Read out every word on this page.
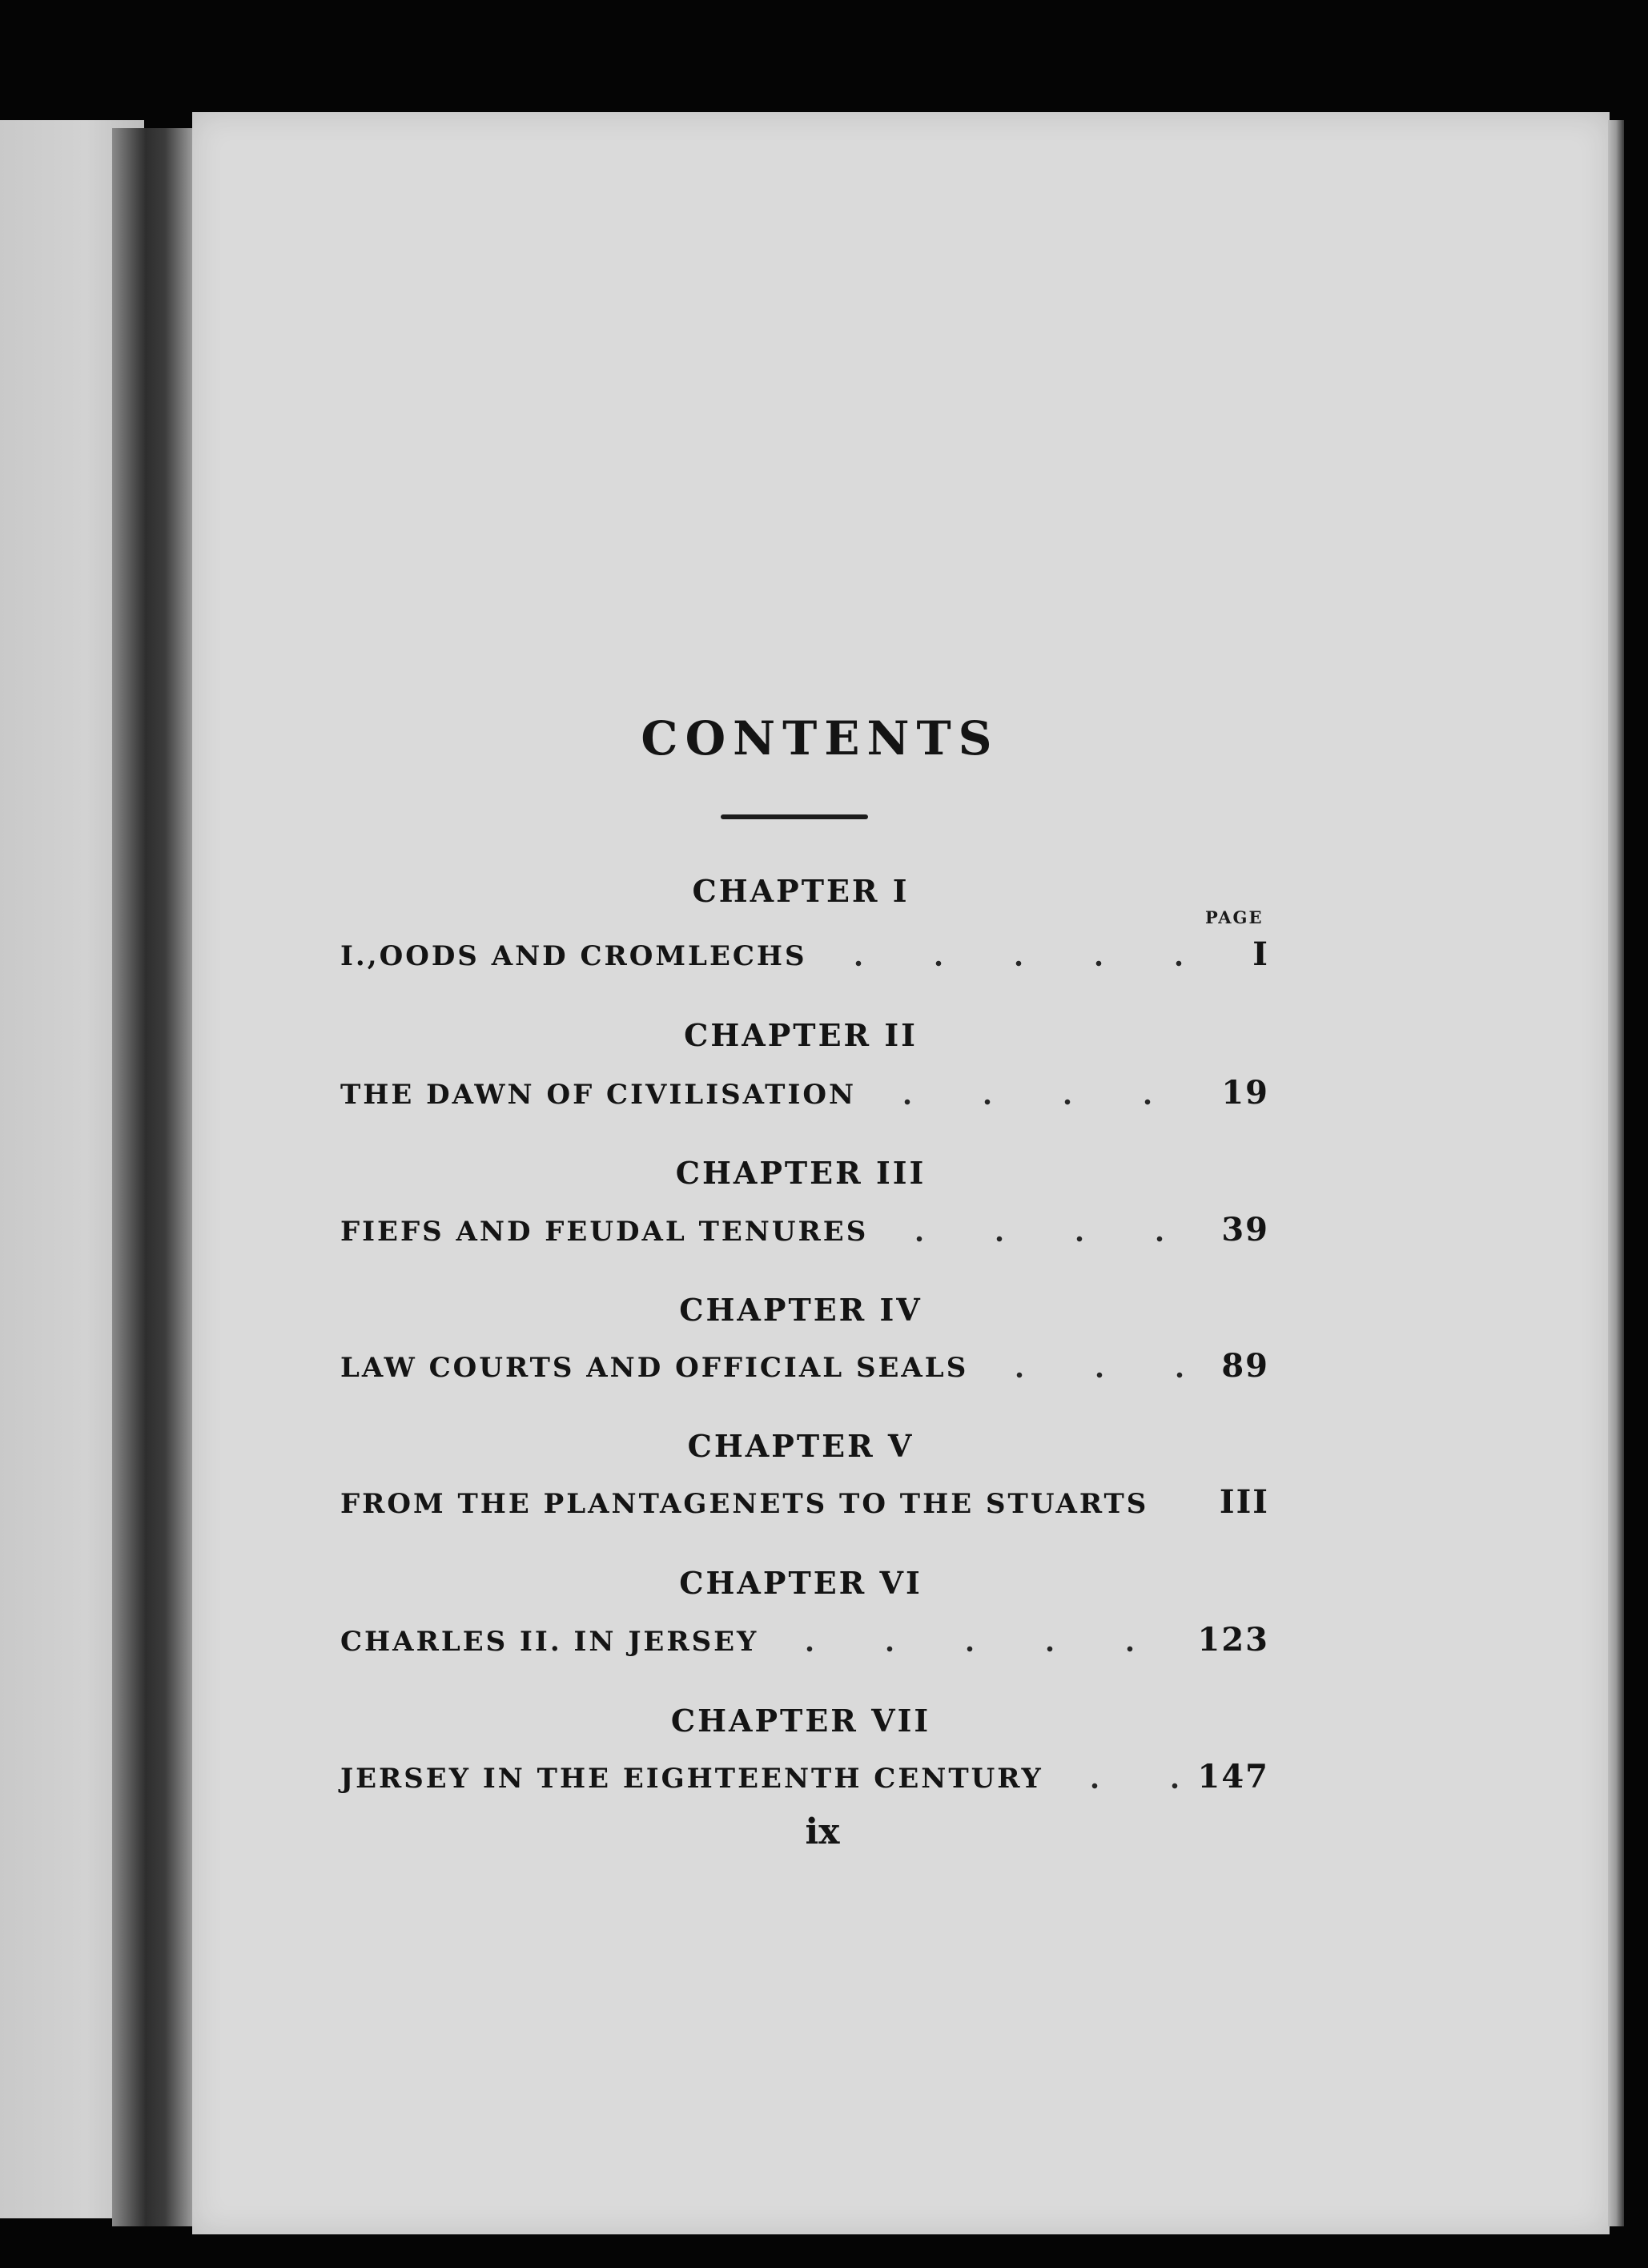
CONTENTS
PAGE
CHAPTER I
I.,OODS AND CROMLECHS	I
CHAPTER II
THE DAWN OF CIVILISATION	19
CHAPTER III
FIEFS AND FEUDAL TENURES	39
CHAPTER IV
LAW COURTS AND OFFICIAL SEALS	89
CHAPTER V
FROM THE PLANTAGENETS TO THE STUARTS	III
CHAPTER VI
CHARLES II. IN JERSEY	123
CHAPTER VII
JERSEY IN THE EIGHTEENTH CENTURY	147
ix
